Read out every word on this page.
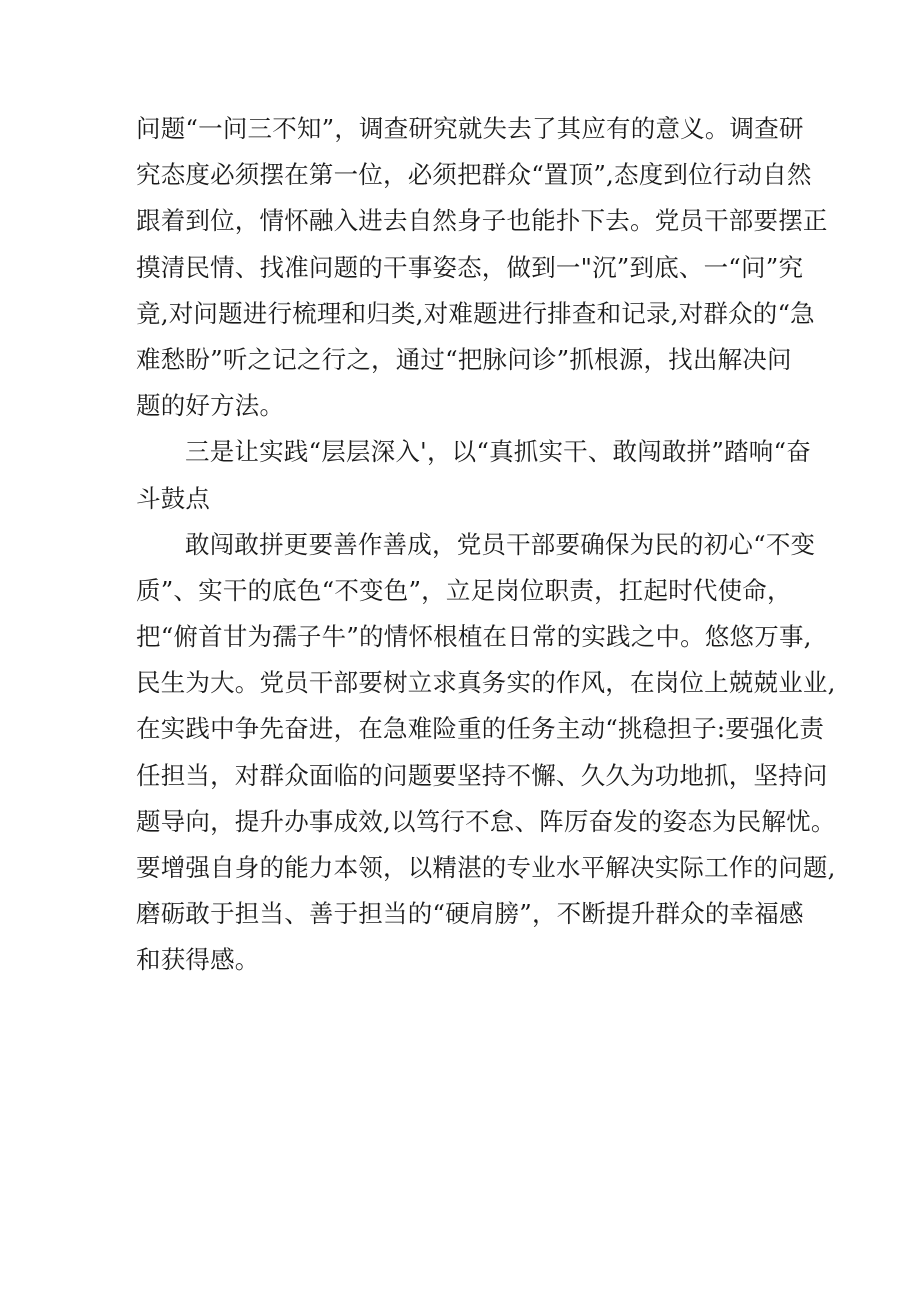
问题“一问三不知”，调查研究就失去了其应有的意义。调查研
究态度必须摆在第一位，必须把群众“置顶”,态度到位行动自然
跟着到位，情怀融入进去自然身子也能扑下去。党员干部要摆正
摸清民情、找准问题的干事姿态，做到一"沉”到底、一“问”究
竟,对问题进行梳理和归类,对难题进行排查和记录,对群众的“急
难愁盼”听之记之行之，通过“把脉问诊”抓根源，找出解决问
题的好方法。
三是让实践“层层深入'，以“真抓实干、敢闯敢拼”踏响“奋
斗鼓点
敢闯敢拼更要善作善成，党员干部要确保为民的初心“不变
质”、实干的底色“不变色”，立足岗位职责，扛起时代使命，
把“俯首甘为孺子牛”的情怀根植在日常的实践之中。悠悠万事,
民生为大。党员干部要树立求真务实的作风，在岗位上兢兢业业,
在实践中争先奋进，在急难险重的任务主动“挑稳担子:要强化责
任担当，对群众面临的问题要坚持不懈、久久为功地抓，坚持问
题导向，提升办事成效,以笃行不怠、阵厉奋发的姿态为民解忧。
要增强自身的能力本领，以精湛的专业水平解决实际工作的问题,
磨砺敢于担当、善于担当的“硬肩膀”，不断提升群众的幸福感
和获得感。
